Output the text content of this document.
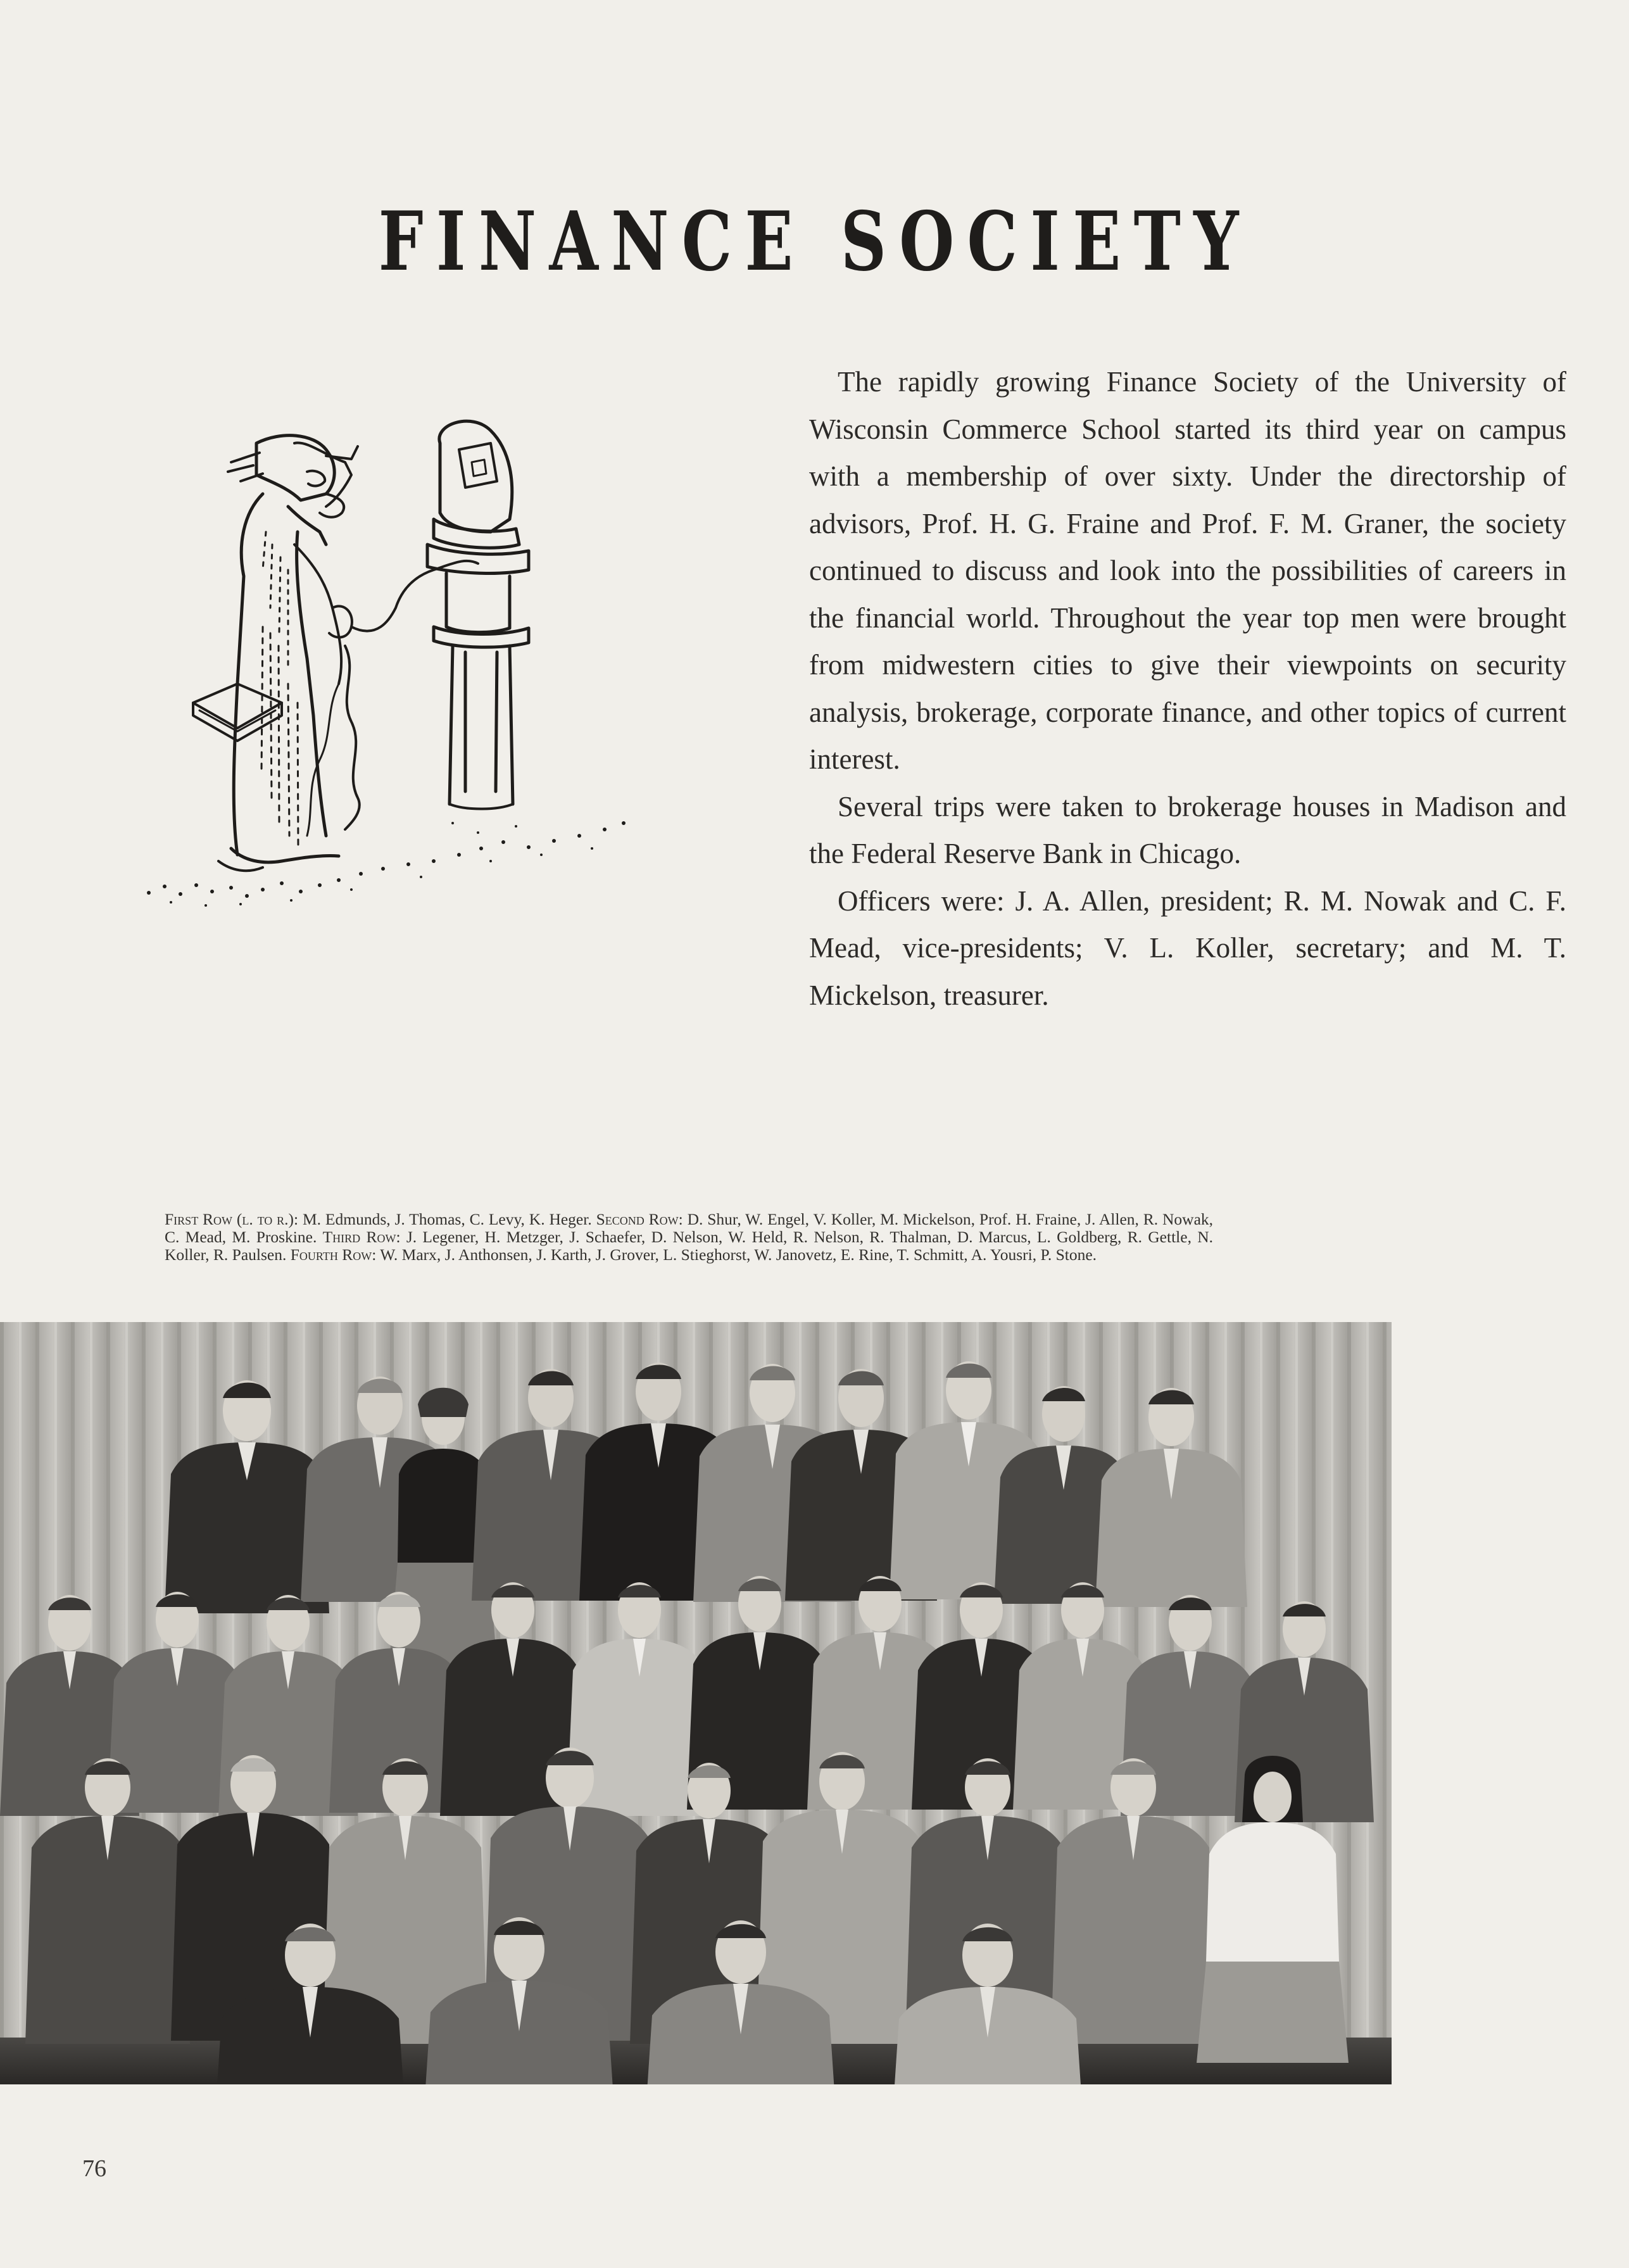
FINANCE SOCIETY

The rapidly growing Finance Society of the University of Wisconsin Commerce School started its third year on campus with a membership of over sixty. Under the directorship of advisors, Prof. H. G. Fraine and Prof. F. M. Graner, the society continued to discuss and look into the possibilities of careers in the financial world. Throughout the year top men were brought from midwestern cities to give their viewpoints on security analysis, brokerage, corporate finance, and other topics of current interest.

Several trips were taken to brokerage houses in Madison and the Federal Reserve Bank in Chicago.

Officers were: J. A. Allen, president; R. M. Nowak and C. F. Mead, vice-presidents; V. L. Koller, secretary; and M. T. Mickelson, treasurer.

First Row (l. to r.): M. Edmunds, J. Thomas, C. Levy, K. Heger. Second Row: D. Shur, W. Engel, V. Koller, M. Mickelson, Prof. H. Fraine, J. Allen, R. Nowak, C. Mead, M. Proskine. Third Row: J. Legener, H. Metzger, J. Schaefer, D. Nelson, W. Held, R. Nelson, R. Thalman, D. Marcus, L. Goldberg, R. Gettle, N. Koller, R. Paulsen. Fourth Row: W. Marx, J. Anthonsen, J. Karth, J. Grover, L. Stieghorst, W. Janovetz, E. Rine, T. Schmitt, A. Yousri, P. Stone.
76
